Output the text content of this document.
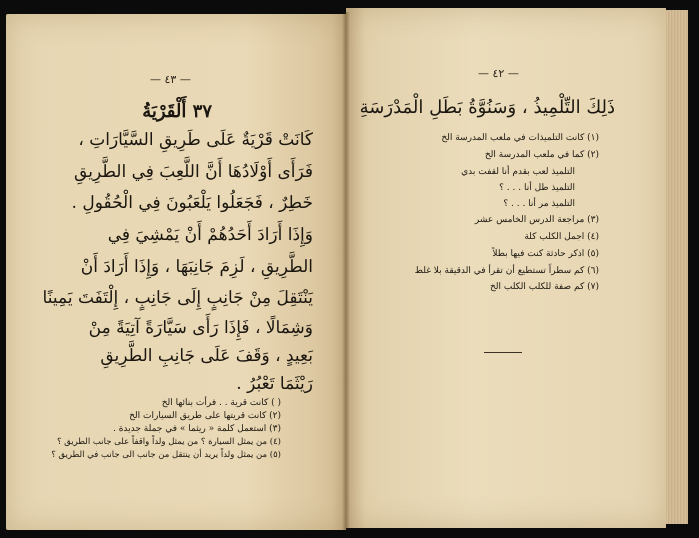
— ٤٣ —
٣٧ أَلْقَرْيَةُ
كَانَتْ قَرْيَةٌ عَلَى طَرِيقِ السَّيَّارَاتِ ،
فَرَأَى أَوْلَادُهَا أَنَّ اللَّعِبَ فِي الطَّرِيقِ
خَطِرٌ ، فَجَعَلُوا يَلْعَبُونَ فِي الْحُقُولِ .
وَإِذَا أَرَادَ أَحَدُهُمْ أَنْ يَمْشِيَ فِي
الطَّرِيقِ ، لَزِمَ جَانِبَهَا ، وَإِذَا أَرَادَ أَنْ
يَنْتَقِلَ مِنْ جَانِبٍ إِلَى جَانِبٍ ، إِلْتَفَتَ يَمِينًا
وَشِمَالًا ، فَإِذَا رَأَى سَيَّارَةً آتِيَةً مِنْ
بَعِيدٍ ، وَقَفَ عَلَى جَانِبِ الطَّرِيقِ
رَيْثَمَا تَعْبُرُ .
( ) كانت قرية . . فرأت بنائها الخ
(٢) كانت قريتها على طريق السيارات الخ
(٣) استعمل كلمة « ريثما » في جملة جديدة .
(٤) من يمثل السيارة ؟ من يمثل ولداً واقفاً على جانب الطريق ؟
(٥) من يمثل ولداً يريد أن ينتقل من جانب الى جانب في الطريق ؟
— ٤٢ —
ذَلِكَ التِّلْمِيذُ ، وَسَنُوَّةُ بَطَلِ الْمَدْرَسَةِ
(١) كانت التلميذات في ملعب المدرسة الخ
(٢) كما في ملعب المدرسة الخ
التلميذ لعب بقدم أنا لقفت بدي
التلميذ طل أنا . . . ؟
التلميذ مر أنا . . . ؟
(٣) مراجعة الدرس الخامس عشر
(٤) اجمل الكلب كلة
(٥) اذكر حادثة كنت فيها بطلاً
(٦) كم سطراً تستطيع أن تقرأ في الدقيقة بلا غلط
(٧) كم صفة للكلب الكلب الخ
